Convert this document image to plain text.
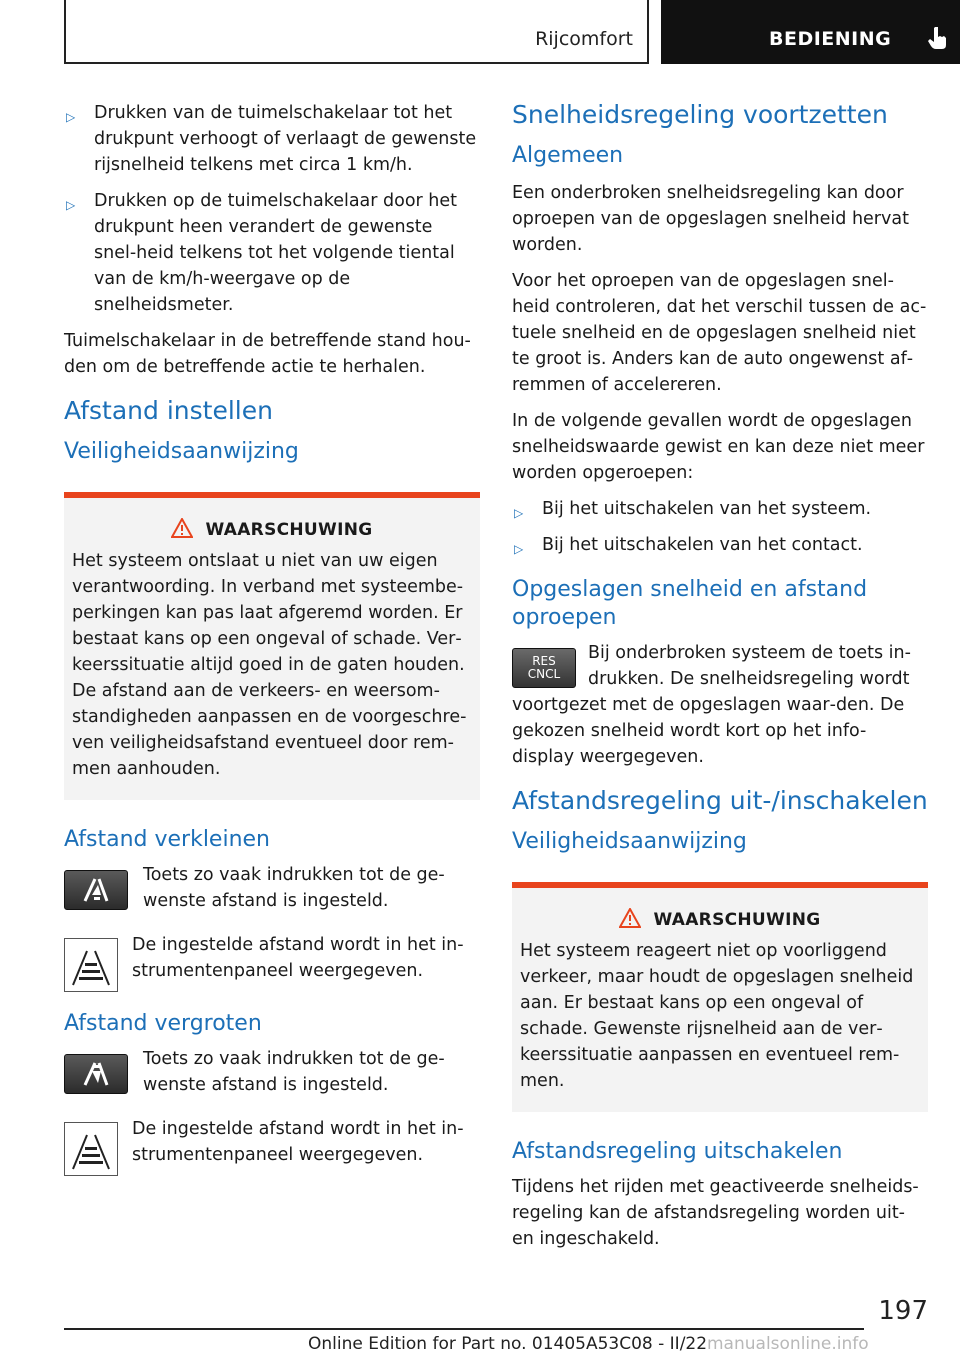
Rijcomfort	BEDIENING
▷ Drukken van de tuimelschakelaar tot het drukpunt verhoogt of verlaagt de gewenste rijsnelheid telkens met circa 1 km/h.
▷ Drukken op de tuimelschakelaar door het drukpunt heen verandert de gewenste snel‐heid telkens tot het volgende tiental van de km/h-weergave op de snelheidsmeter.

Tuimelschakelaar in de betreffende stand hou‐den om de betreffende actie te herhalen.

Afstand instellen
Veiligheidsaanwijzing
WAARSCHUWING

Het systeem ontslaat u niet van uw eigen verantwoording. In verband met systeembe‐perkingen kan pas laat afgeremd worden. Er bestaat kans op een ongeval of schade. Ver‐keerssituatie altijd goed in de gaten houden. De afstand aan de verkeers- en weersom‐standigheden aanpassen en de voorgeschre‐ven veiligheidsafstand eventueel door rem‐men aanhouden.

Afstand verkleinen

Toets zo vaak indrukken tot de ge‐wenste afstand is ingesteld.

De ingestelde afstand wordt in het in‐strumentenpaneel weergegeven.

Afstand vergroten

Toets zo vaak indrukken tot de ge‐wenste afstand is ingesteld.

De ingestelde afstand wordt in het in‐strumentenpaneel weergegeven.

Snelheidsregeling voortzetten
Algemeen

Een onderbroken snelheidsregeling kan door oproepen van de opgeslagen snelheid hervat worden.

Voor het oproepen van de opgeslagen snel‐heid controleren, dat het verschil tussen de ac‐tuele snelheid en de opgeslagen snelheid niet te groot is. Anders kan de auto ongewenst af‐remmen of accelereren.

In de volgende gevallen wordt de opgeslagen snelheidswaarde gewist en kan deze niet meer worden opgeroepen:

▷ Bij het uitschakelen van het systeem.
▷ Bij het uitschakelen van het contact.
Opgeslagen snelheid en afstand oproepen
RES
CNCL
Bij onderbroken systeem de toets in‐drukken. De snelheidsregeling wordt voortgezet met de opgeslagen waar‐den. De gekozen snelheid wordt kort op het info-display weergegeven.
Afstandsregeling uit-/inschakelen
Veiligheidsaanwijzing
WAARSCHUWING

Het systeem reageert niet op voorliggend verkeer, maar houdt de opgeslagen snelheid aan. Er bestaat kans op een ongeval of schade. Gewenste rijsnelheid aan de ver‐keerssituatie aanpassen en eventueel rem‐men.

Afstandsregeling uitschakelen

Tijdens het rijden met geactiveerde snelheids‐regeling kan de afstandsregeling worden uit- en ingeschakeld.

197
Online Edition for Part no. 01405A53C08 - II/22 manualsonline.info
